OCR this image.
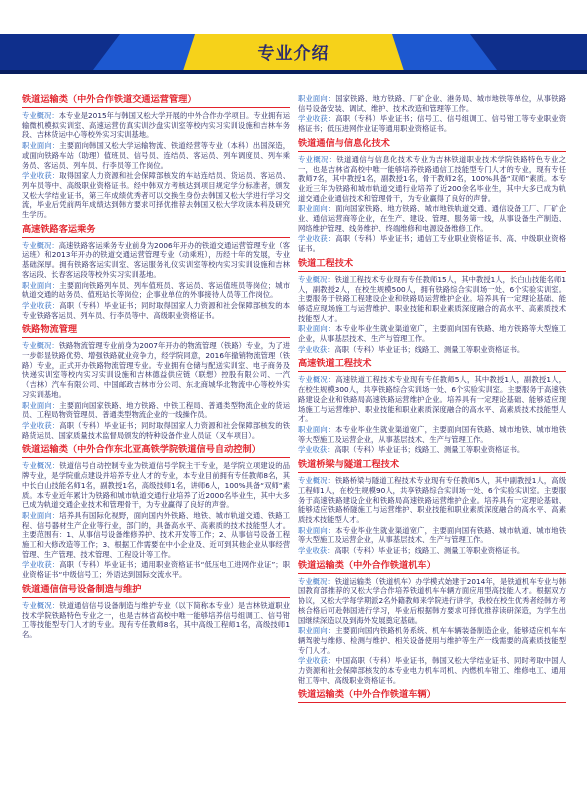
专业介绍
铁道运输类（中外合作铁道交通运营管理）

专业概况：本专业是2015年与韩国又松大学开展的中外合作办学项目。专业拥有运输微机模拟实训室、高速运营仿真实训沙盘实训室等校内实习实训设施和吉林车务段、吉林货运中心等校外实习实训基地。

职业面向：主要面向韩国又松大学运输物流、铁道经营等专业（本科）出国深造，或面向铁路车站（助理）值班员、信号员、连结员、客运员、列车调度员、列车乘务员、客运员、列车员、行李员等工作岗位。

学业收获：取得国家人力资源和社会保障部核发的车站连结员、货运员、客运员、列车员等中、高级职业资格证书。经中韩双方考核达到项目规定学分标准者，颁发又松大学结业证书，第三年成绩优秀者可以交换生身份去韩国又松大学进行学习交流，毕业后凭前两年成绩达到韩方要求可择优推荐去韩国又松大学攻读本科及研究生学历。

高速铁路客运乘务

专业概况：高速铁路客运乘务专业前身为2006年开办的铁道交通运营管理专业（客运班）和2013年开办的铁道交通运营管理专业（动乘班），历经十年的发展，专业基础深厚。拥有铁路客运实训室、客运服务礼仪实训室等校内实习实训设施和吉林客运段、长春客运段等校外实习实训基地。

职业面向：主要面向铁路列车员、列车值班员、客运员、客运值班员等岗位；城市轨道交通的站务员、值班站长等岗位；企事业单位的外事接待人员等工作岗位。

学业收获：高职（专科）毕业证书；同时取得国家人力资源和社会保障部核发的本专业铁路客运员、列车员、行李员等中、高级职业资格证书。

铁路物流管理

专业概况：铁路物流管理专业前身为2007年开办的物流管理（铁路）专业，为了进一步彰显铁路优势、增强铁路就业竞争力，经学院同意，2016年撤销物流管理（铁路）专业，正式开办铁路物流管理专业。专业拥有仓储与配送实训室、电子商务及快递实训室等校内实习实训设施和吉林德益供应链（联想）控股有限公司、一汽（吉林）汽车有限公司、中国邮政吉林市分公司、东北商城华北物流中心等校外实习实训基地。

职业面向：主要面向国家铁路、地方铁路、中铁工程局、普通类型物流企业的货运员、工程局物资管理员、普通类型物流企业的一线操作员。

学业收获：高职（专科）毕业证书；同时取得国家人力资源和社会保障部核发的铁路货运员、国家质量技术监督局颁发的特种设备作业人员证（叉车项目）。

铁道运输类（中外合作东北亚高铁学院铁道信号自动控制）

专业概况：铁道信号自动控制专业为铁道信号学院主干专业，是学院立项建设的品牌专业，是学院重点建设并培养专业人才的专业，本专业目前拥有专任教师8名，其中长白山技能名师1名，副教授1名，高级技师1名，讲师6人，100%具备“双师”素质。本专业近年累计为铁路和城市轨道交通行业培养了近2000名毕业生，其中大多已成为轨道交通企业技术和管理骨干，为专业赢得了良好的声誉。

职业面向：培养具有国际化视野，面向国内外铁路、地铁、城市轨道交通、铁路工程、信号器材生产企业等行业，部门的，具备高水平、高素质的技术技能型人才。主要范围有：1、从事信号设备维修养护、技术开发等工作；2、从事信号设备工程施工和大修改造等工作；3、根据工作需要在中小企业及、近可到其他企业从事经营管理、生产管理、技术管理、工程设计等工作。

学业收获：高职（专科）毕业证书；通用职业资格证书“低压电工进网作业证”；职业资格证书“中级信号工；外语达到国际交流水平。

铁道通信信号设备制造与维护

专业概况：铁道通信信号设备制造与维护专业（以下简称本专业）是吉林铁道职业技术学院铁路特色专业之一，也是吉林省高校中唯一能够培养信号组调工、信号钳工等技能型专门人才的专业。现有专任教师8名，其中高级工程师1名，高级技师1名。

职业面向：国家铁路、地方铁路、厂矿企业、港务局、城市地铁等单位，从事铁路信号设备安装、调试、维护、技术改造和管理等工作。

学业收获：高职（专科）毕业证书；信号工、信号组调工、信号钳工等专业职业资格证书；低压进网作业证等通用职业资格证书。

铁道通信与信息化技术

专业概况：铁道通信与信息化技术专业为吉林铁道职业技术学院铁路特色专业之一，也是吉林省高校中唯一能够培养铁路通信工技能型专门人才的专业，现有专任教师7名，其中教授1名，副教授1名，骨干教师2名，100%具备“双师”素质。本专业近三年为铁路和城市轨道交通行业培养了近200余名毕业生，其中大多已成为轨道交通企业通信技术和管理骨干，为专业赢得了良好的声誉。

职业面向：面向国家铁路、地方铁路、城市地铁轨道交通、通信设备工厂、厂矿企业、通信运营商等企业，在生产、建设、管理、服务第一线，从事设备生产制造、网络维护管理、线务维护、终端维修和电源设备维修工作。

学业收获：高职（专科）毕业证书；通信工专业职业资格证书、高、中级职业资格证书。

铁道工程技术

专业概况：铁道工程技术专业现有专任教师15人，其中教授1人，长白山技能名师1人，副教授2人，在校生规模500人，拥有铁路综合实训场一处、6个实验实训室。主要服务于铁路工程建设企业和铁路局运营维护企业。培养具有一定理论基础、能够适应现场施工与运营维护、职业技能和职业素质深度融合的高水平、高素质技术技能型人才。

职业面向：本专业毕业生就业渠道宽广，主要面向国有铁路、地方铁路等大型施工企业，从事基层技术、生产与管理工作。

学业收获：高职（专科）毕业证书；线路工、测量工等职业资格证书。

高速铁道工程技术

专业概况：高速铁道工程技术专业现有专任教师5人，其中教授1人，副教授1人，在校生规模300人，共享铁路综合实训场一处、6个实验实训室。主要服务于高速铁路建设企业和铁路局高速铁路运营维护企业。培养具有一定理论基础、能够适应现场施工与运营维护、职业技能和职业素质深度融合的高水平、高素质技术技能型人才。

职业面向：本专业毕业生就业渠道宽广，主要面向国有铁路、城市地铁、城市地铁等大型施工及运营企业，从事基层技术、生产与管理工作。

学业收获：高职（专科）毕业证书；线路工、测量工等职业资格证书。

铁道桥梁与隧道工程技术

专业概况：铁路桥梁与隧道工程技术专业现有专任教师5人，其中副教授1人，高级工程师1人，在校生规模90人，共享铁路综合实训场一处、6个实验实训室。主要服务于高速铁路建设企业和铁路局高速铁路运营维护企业。培养具有一定理论基础、能够适应铁路桥隧施工与运营维护、职业技能和职业素质深度融合的高水平、高素质技术技能型人才。

职业面向：本专业毕业生就业渠道宽广，主要面向国有铁路、城市轨道、城市地铁等大型施工及运营企业，从事基层技术、生产与管理工作。

学业收获：高职（专科）毕业证书；线路工、测量工等职业资格证书。

铁道运输类（中外合作铁道机车）

专业概况：铁道运输类（铁道机车）办学模式始建于2014年，是铁道机车专业与韩国教育部推荐的又松大学合作培养铁道机车车辆方面应用型高技能人才。根据双方协议，又松大学每学期派2名外籍教师来学院进行讲学，我校在校生优秀者经韩方考核合格后可赴韩国进行学习，毕业后根据韩方要求可择优推荐读研深造，为学生出国继续深造以及到海外发展奠定基础。

职业面向：主要面向国内铁路机务系统、机车车辆装备制造企业，能够适应机车车辆驾驶与维修、检测与维护、相关设备使用与维护等生产一线需要的高素质技能型专门人才。

学业收获：中国高职（专科）毕业证书，韩国又松大学结业证书、同时考取中国人力资源和社会保障部核发的本专业电力机车司机、内燃机车钳工、维修电工、通用钳工等中、高级职业资格证书。

铁道运输类（中外合作铁道车辆）
